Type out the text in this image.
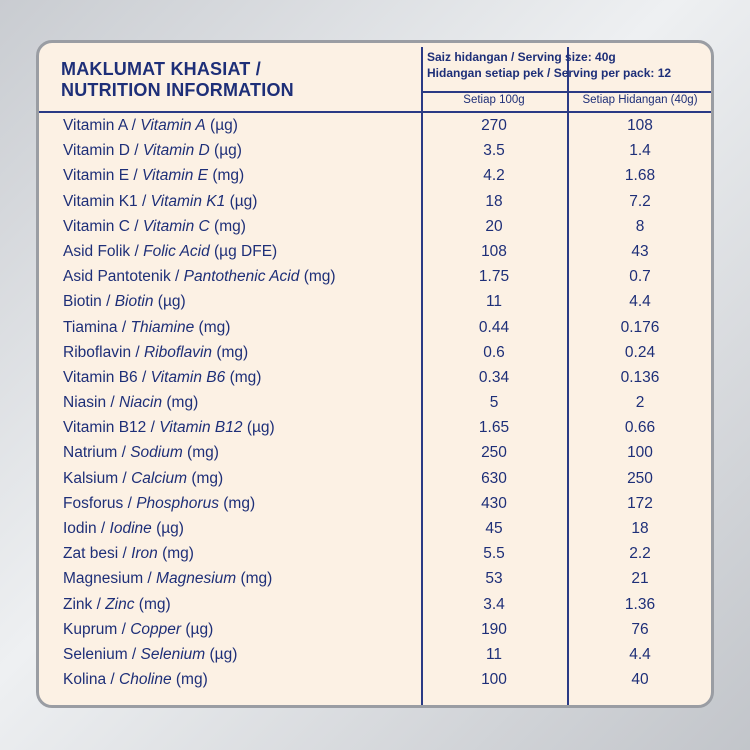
MAKLUMAT KHASIAT /
NUTRITION INFORMATION
Saiz hidangan / Serving size: 40g
Hidangan setiap pek / Serving per pack: 12
Setiap 100g	Setiap Hidangan (40g)
Vitamin A / Vitamin A (µg)	270	108
Vitamin D / Vitamin D (µg)	3.5	1.4
Vitamin E / Vitamin E (mg)	4.2	1.68
Vitamin K1 / Vitamin K1 (µg)	18	7.2
Vitamin C / Vitamin C (mg)	20	8
Asid Folik / Folic Acid (µg DFE)	108	43
Asid Pantotenik / Pantothenic Acid (mg)	1.75	0.7
Biotin / Biotin (µg)	11	4.4
Tiamina / Thiamine (mg)	0.44	0.176
Riboflavin / Riboflavin (mg)	0.6	0.24
Vitamin B6 / Vitamin B6 (mg)	0.34	0.136
Niasin / Niacin (mg)	5	2
Vitamin B12 / Vitamin B12 (µg)	1.65	0.66
Natrium / Sodium (mg)	250	100
Kalsium / Calcium (mg)	630	250
Fosforus / Phosphorus (mg)	430	172
Iodin / Iodine (µg)	45	18
Zat besi / Iron (mg)	5.5	2.2
Magnesium / Magnesium (mg)	53	21
Zink / Zinc (mg)	3.4	1.36
Kuprum / Copper (µg)	190	76
Selenium / Selenium (µg)	11	4.4
Kolina / Choline (mg)	100	40
